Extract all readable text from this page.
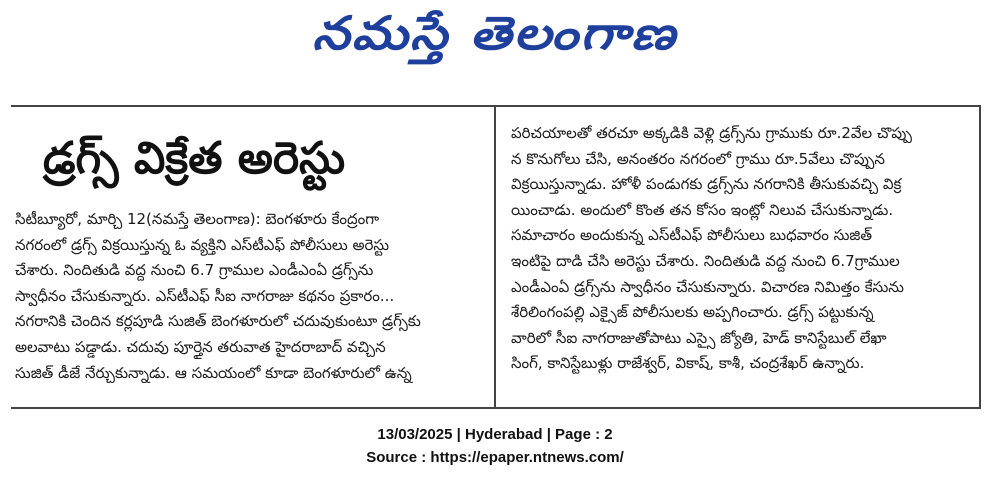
నమస్తే తెలంగాణ
డ్రగ్స్ విక్రేత అరెస్టు
సిటీబ్యూరో, మార్చి 12(నమస్తే తెలంగాణ): బెంగళూరు కేంద్రంగా
నగరంలో డ్రగ్స్ విక్రయిస్తున్న ఓ వ్యక్తిని ఎస్‌టీఎఫ్ పోలీసులు అరెస్టు
చేశారు. నిందితుడి వద్ద నుంచి 6.7 గ్రాముల ఎండీఎంఏ డ్రగ్స్‌ను
స్వాధీనం చేసుకున్నారు. ఎస్‌టీఎఫ్ సీఐ నాగరాజు కథనం ప్రకారం...
నగరానికి చెందిన కర్లపూడి సుజిత్ బెంగళూరులో చదువుకుంటూ డ్రగ్స్‌కు
అలవాటు పడ్డాడు. చదువు పూర్తైన తరువాత హైదరాబాద్ వచ్చిన
సుజిత్ డీజే నేర్చుకున్నాడు. ఆ సమయంలో కూడా బెంగళూరులో ఉన్న
పరిచయాలతో తరచూ అక్కడికి వెళ్లి డ్రగ్స్‌ను గ్రాముకు రూ.2వేల చొప్పు
న కొనుగోలు చేసి, అనంతరం నగరంలో గ్రాము రూ.5వేలు చొప్పున
విక్రయిస్తున్నాడు. హోళీ పండుగకు డ్రగ్స్‌ను నగరానికి తీసుకువచ్చి విక్ర
యించాడు. అందులో కొంత తన కోసం ఇంట్లో నిలువ చేసుకున్నాడు.
సమాచారం అందుకున్న ఎస్‌టీఎఫ్ పోలీసులు బుధవారం సుజిత్
ఇంటిపై దాడి చేసి అరెస్టు చేశారు. నిందితుడి వద్ద నుంచి 6.7గ్రాముల
ఎండీఎంఏ డ్రగ్స్‌ను స్వాధీనం చేసుకున్నారు. విచారణ నిమిత్తం కేసును
శేరిలింగంపల్లి ఎక్సైజ్ పోలీసులకు అప్పగించారు. డ్రగ్స్ పట్టుకున్న
వారిలో సీఐ నాగరాజుతోపాటు ఎస్సై జ్యోతి, హెడ్ కానిస్టేబుల్ లేఖా
సింగ్, కానిస్టేబుళ్లు రాజేశ్వర్, వికాష్, కాశీ, చంద్రశేఖర్ ఉన్నారు.
13/03/2025 | Hyderabad | Page : 2
Source : https://epaper.ntnews.com/
